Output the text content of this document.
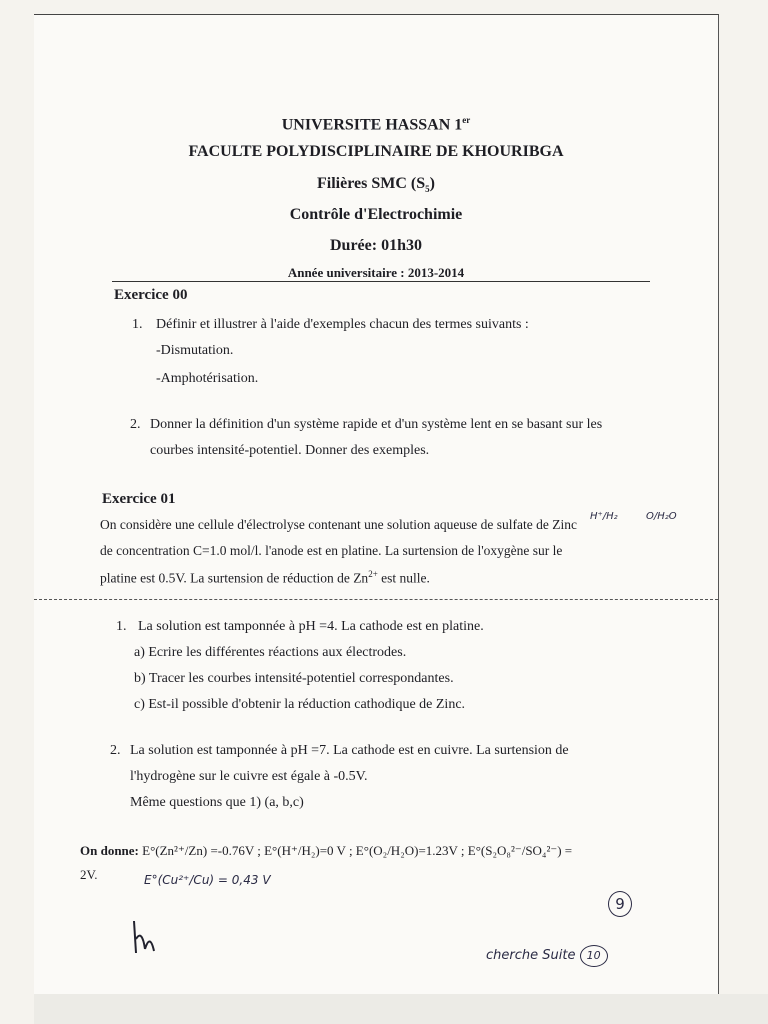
UNIVERSITE HASSAN 1er
FACULTE POLYDISCIPLINAIRE DE KHOURIBGA
Filières SMC $(S_5)$
Contrôle d'Electrochimie
Durée: 01h30
Année universitaire : 2013-2014
Exercice 00
1. Définir et illustrer à l'aide d'exemples chacun des termes suivants :
-Dismutation.
-Amphotérisation.
2. Donner la définition d'un système rapide et d'un système lent en se basant sur les
courbes intensité-potentiel. Donner des exemples.
Exercice 01
On considère une cellule d'électrolyse contenant une solution aqueuse de sulfate de Zinc
de concentration C=1.0 mol/l. l'anode est en platine. La surtension de l'oxygène sur le
platine est 0.5V. La surtension de réduction de $Zn^{2+}$ est nulle.
1. La solution est tamponnée à pH =4. La cathode est en platine.
a) Ecrire les différentes réactions aux électrodes.
b) Tracer les courbes intensité-potentiel correspondantes.
c) Est-il possible d'obtenir la réduction cathodique de Zinc.
2. La solution est tamponnée à pH =7. La cathode est en cuivre. La surtension de
l'hydrogène sur le cuivre est égale à -0.5V.
Même questions que 1) (a, b,c)
On donne: E°(Zn²⁺/Zn) =-0.76V ; E°(H⁺/H₂)=0 V ; E°(O₂/H₂O)=1.23V ; E°(S₂O₈²⁻/SO₄²⁻) =
2V.
H⁺/H₂	O/H₂O
E°(Cu²⁺/Cu) = 0,43 V
9
cherche Suite 10
